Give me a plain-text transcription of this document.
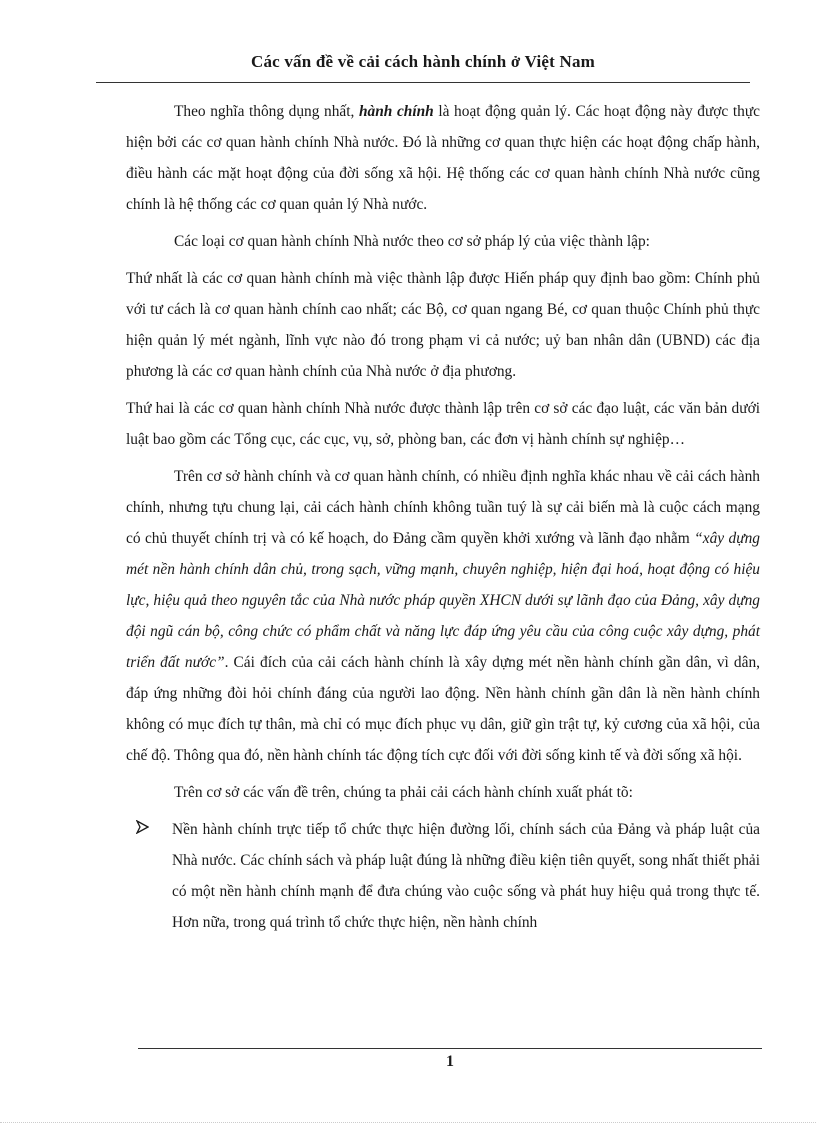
Các vấn đề về cải cách hành chính ở Việt Nam

Theo nghĩa thông dụng nhất, hành chính là hoạt động quản lý. Các hoạt động này được thực hiện bởi các cơ quan hành chính Nhà nước. Đó là những cơ quan thực hiện các hoạt động chấp hành, điều hành các mặt hoạt động của đời sống xã hội. Hệ thống các cơ quan hành chính Nhà nước cũng chính là hệ thống các cơ quan quản lý Nhà nước.

Các loại cơ quan hành chính Nhà nước theo cơ sở pháp lý của việc thành lập:

Thứ nhất là các cơ quan hành chính mà việc thành lập được Hiến pháp quy định bao gồm: Chính phủ với tư cách là cơ quan hành chính cao nhất; các Bộ, cơ quan ngang Bé, cơ quan thuộc Chính phủ thực hiện quản lý mét ngành, lĩnh vực nào đó trong phạm vi cả nước; uỷ ban nhân dân (UBND) các địa phương là các cơ quan hành chính của Nhà nước ở địa phương.

Thứ hai là các cơ quan hành chính Nhà nước được thành lập trên cơ sở các đạo luật, các văn bản dưới luật bao gồm các Tổng cục, các cục, vụ, sở, phòng ban, các đơn vị hành chính sự nghiệp…

Trên cơ sở hành chính và cơ quan hành chính, có nhiều định nghĩa khác nhau về cải cách hành chính, nhưng tựu chung lại, cải cách hành chính không tuần tuý là sự cải biến mà là cuộc cách mạng có chủ thuyết chính trị và có kế hoạch, do Đảng cầm quyền khởi xướng và lãnh đạo nhằm “xây dựng mét nền hành chính dân chủ, trong sạch, vững mạnh, chuyên nghiệp, hiện đại hoá, hoạt động có hiệu lực, hiệu quả theo nguyên tắc của Nhà nước pháp quyền XHCN dưới sự lãnh đạo của Đảng, xây dựng đội ngũ cán bộ, công chức có phẩm chất và năng lực đáp ứng yêu cầu của công cuộc xây dựng, phát triển đất nước”. Cái đích của cải cách hành chính là xây dựng mét nền hành chính gần dân, vì dân, đáp ứng những đòi hỏi chính đáng của người lao động. Nền hành chính gần dân là nền hành chính không có mục đích tự thân, mà chỉ có mục đích phục vụ dân, giữ gìn trật tự, kỷ cương của xã hội, của chế độ. Thông qua đó, nền hành chính tác động tích cực đối với đời sống kinh tế và đời sống xã hội.

Trên cơ sở các vấn đề trên, chúng ta phải cải cách hành chính xuất phát tõ:

Nền hành chính trực tiếp tổ chức thực hiện đường lối, chính sách của Đảng và pháp luật của Nhà nước. Các chính sách và pháp luật đúng là những điều kiện tiên quyết, song nhất thiết phải có một nền hành chính mạnh để đưa chúng vào cuộc sống và phát huy hiệu quả trong thực tế. Hơn nữa, trong quá trình tổ chức thực hiện, nền hành chính
1
